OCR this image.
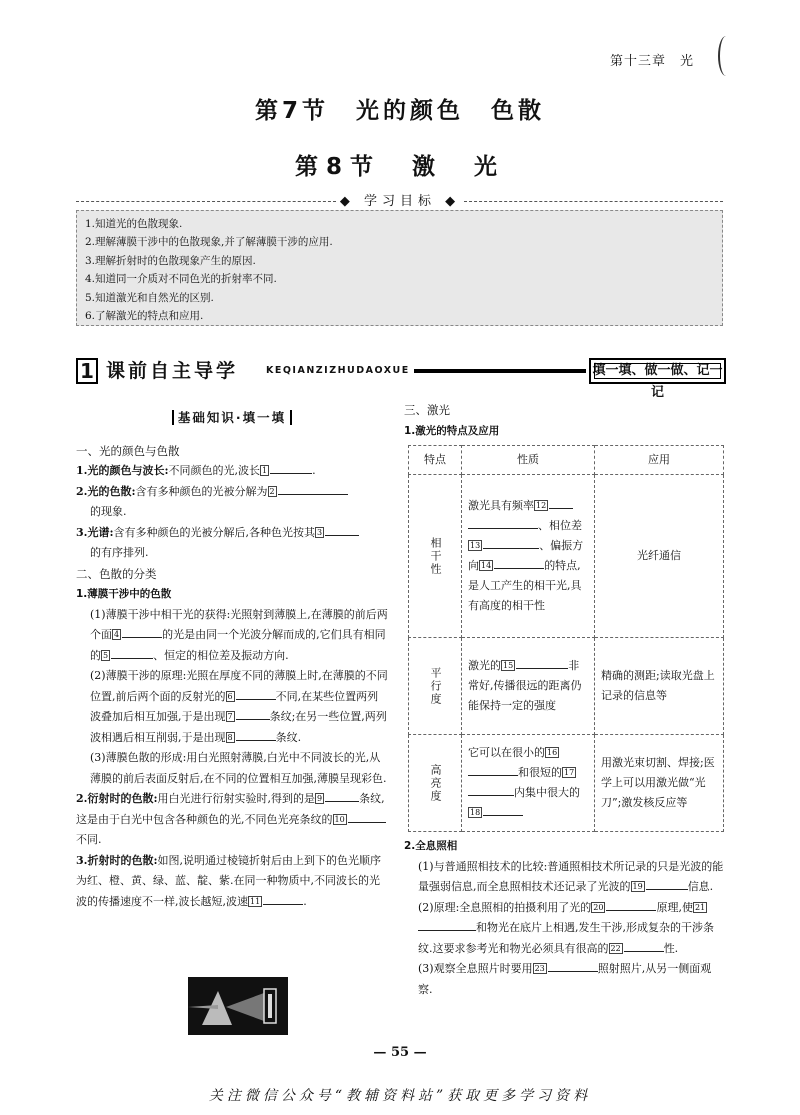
第十三章　光
第7节　光的颜色　色散
第8节　激　光
◆ 学习目标 ◆
1.知道光的色散现象.
2.理解薄膜干涉中的色散现象,并了解薄膜干涉的应用.
3.理解折射时的色散现象产生的原因.
4.知道同一介质对不同色光的折射率不同.
5.知道激光和自然光的区别.
6.了解激光的特点和应用.
1 课前自主导学	KEQIANZIZHUDAOXUE	填一填、做一做、记一记
基础知识·填一填

一、光的颜色与色散

1.光的颜色与波长:不同颜色的光,波长 1	.

2.光的色散:含有多种颜色的光被分解为 2
的现象.

3.光谱:含有多种颜色的光被分解后,各种色光按其 3
的有序排列.

二、色散的分类

1.薄膜干涉中的色散

(1)薄膜干涉中相干光的获得:光照射到薄膜上,在薄膜的前后两个面 4	的光是由同一个光波分解而成的,它们具有相同的 5	、恒定的相位差及振动方向.

(2)薄膜干涉的原理:光照在厚度不同的薄膜上时,在薄膜的不同位置,前后两个面的反射光的 6	不同,在某些位置两列波叠加后相互加强,于是出现 7	条纹;在另一些位置,两列波相遇后相互削弱,于是出现 8	条纹.

(3)薄膜色散的形成:用白光照射薄膜,白光中不同波长的光,从薄膜的前后表面反射后,在不同的位置相互加强,薄膜呈现彩色.

2.衍射时的色散:用白光进行衍射实验时,得到的是 9	条纹,这是由于白光中包含各种颜色的光,不同色光亮条纹的 10不同.

3.折射时的色散:如图,说明通过棱镜折射后由上到下的色光顺序为红、橙、黄、绿、蓝、靛、紫.在同一种物质中,不同波长的光波的传播速度不一样,波长越短,波速 11	.

三、激光

1.激光的特点及应用

特点	性质	应用
相干性	激光具有频率 12、相位差13 、偏振方向 14 的特点,是人工产生的相干光,具有高度的相干性	光纤通信
平行度	激光的 15 非常好,传播很远的距离仍能保持一定的强度	精确的测距;读取光盘上记录的信息等
高亮度	它可以在很小的 16和很短的 17内集中很大的18	用激光束切割、焊接;医学上可以用激光做“光刀”;激发核反应等

2.全息照相

(1)与普通照相技术的比较:普通照相技术所记录的只是光波的能量强弱信息,而全息照相技术还记录了光波的 19	信息.

(2)原理:全息照相的拍摄利用了光的 20	原理,使 21和物光在底片上相遇,发生干涉,形成复杂的干涉条纹.这要求参考光和物光必须具有很高的 22	性.

(3)观察全息照片时要用 23	照射照片,从另一侧面观察.

— 55 —
关注微信公众号“教辅资料站”获取更多学习资料
